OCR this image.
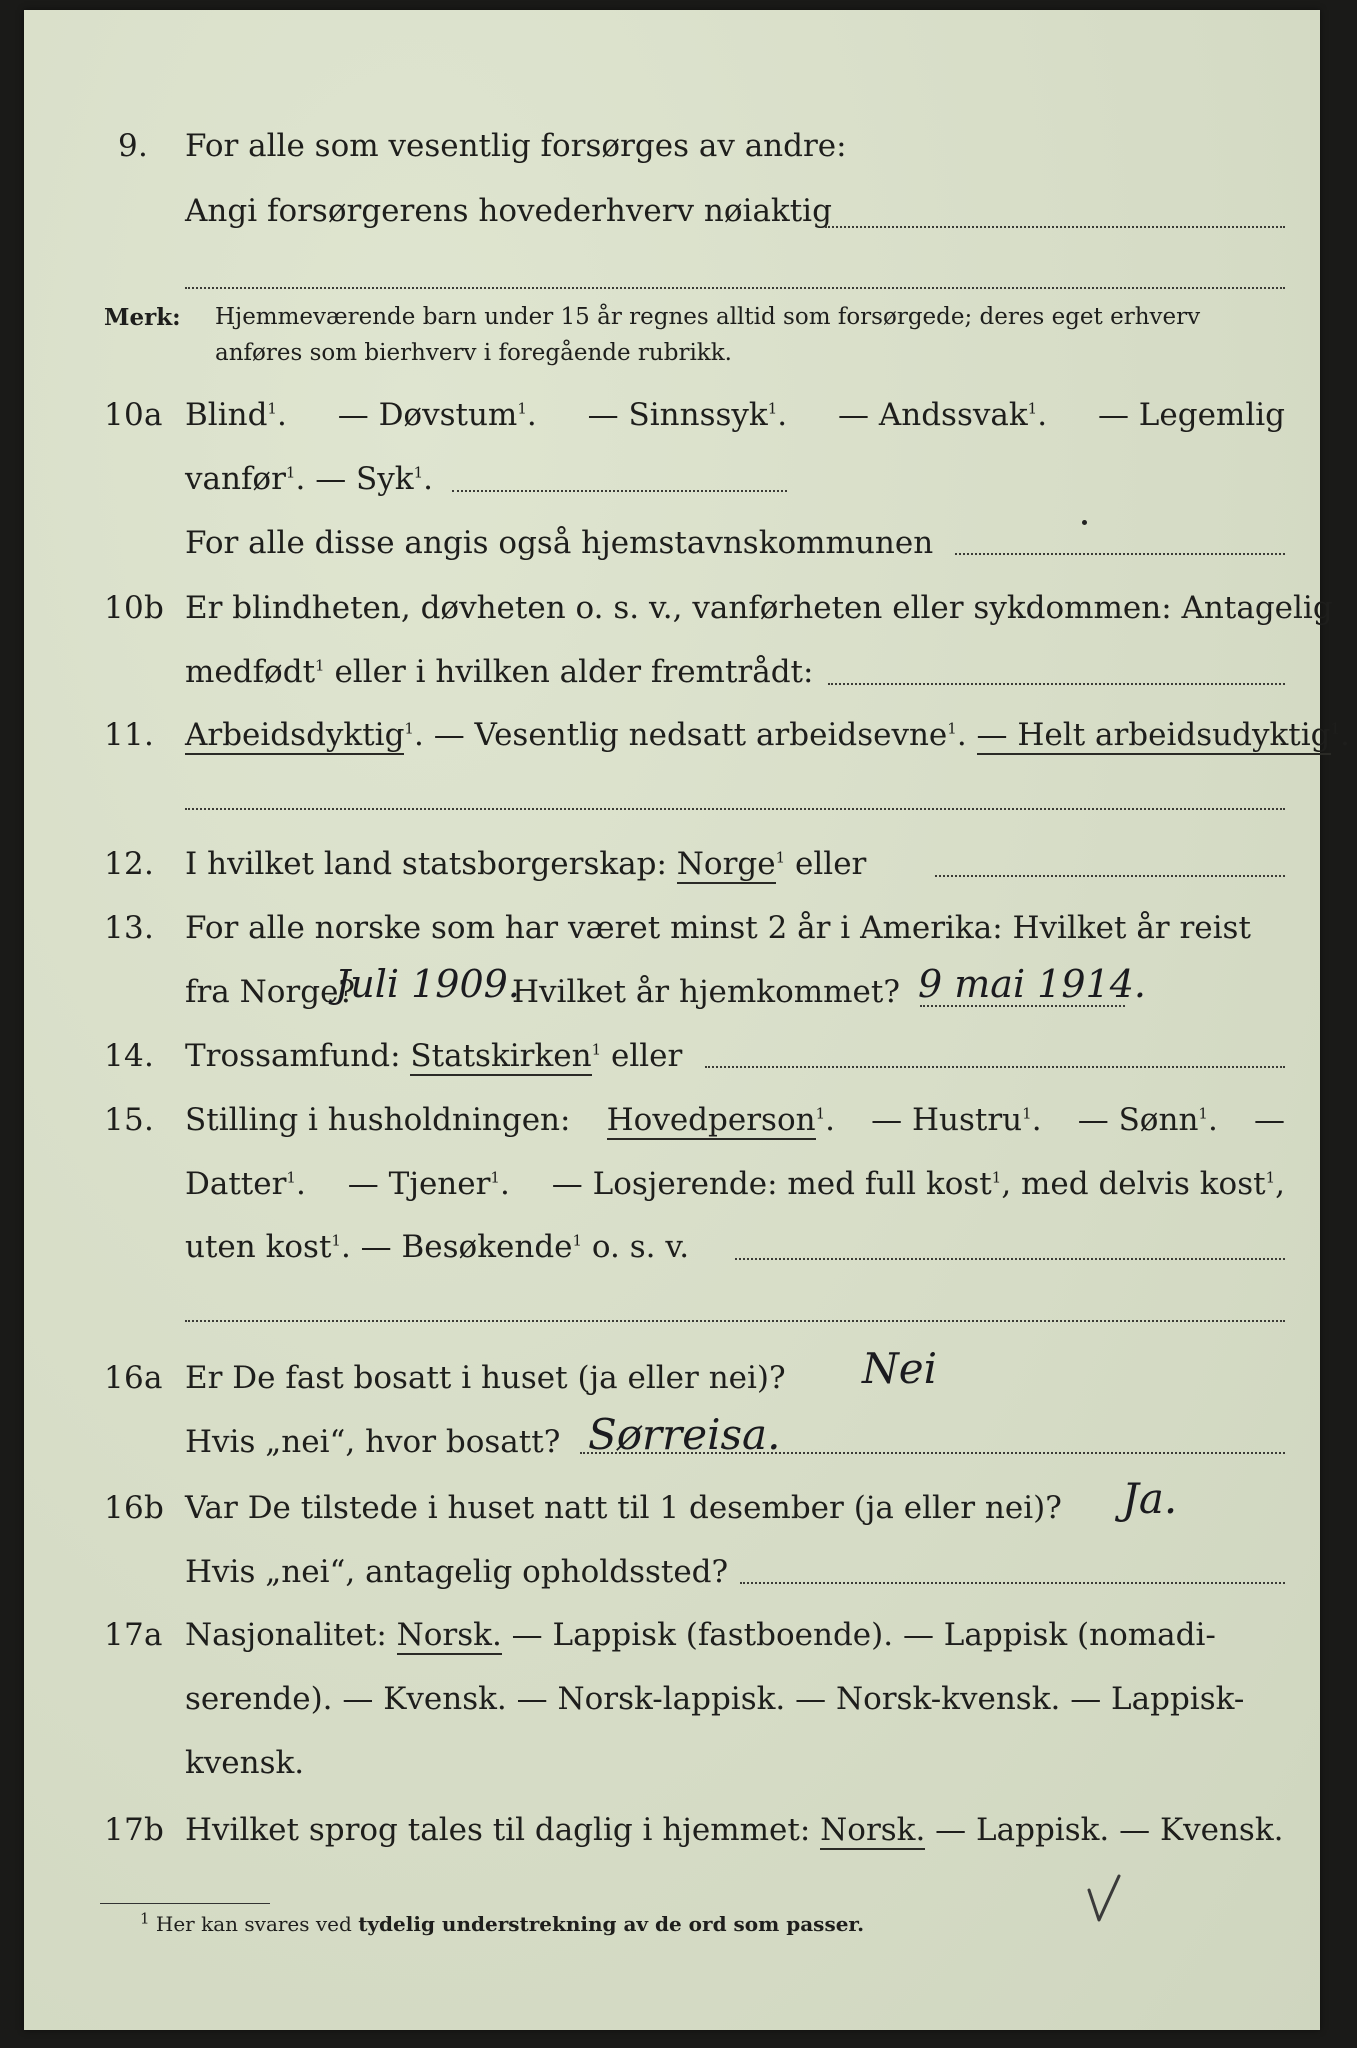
9. For alle som vesentlig forsørges av andre:
Angi forsørgerens hovederhverv nøiaktig
Merk: Hjemmeværende barn under 15 år regnes alltid som forsørgede; deres eget erhverv
anføres som bierhverv i foregående rubrikk.
10a Blind$^1$. — Døvstum$^1$. — Sinnssyk$^1$. — Andssvak$^1$. — Legemlig
vanfør$^1$. — Syk$^1$.
For alle disse angis også hjemstavnskommunen
10b Er blindheten, døvheten o. s. v., vanførheten eller sykdommen: Antagelig
medfødt$^1$ eller i hvilken alder fremtrådt:
11. Arbeidsdyktig$^1$. — Vesentlig nedsatt arbeidsevne$^1$. — Helt arbeidsudyktig$^1$.
12. I hvilket land statsborgerskap: Norge$^1$ eller
13. For alle norske som har været minst 2 år i Amerika: Hvilket år reist
fra Norge?
Juli 1909.
Hvilket år hjemkommet? 9 mai 1914.
14. Trossamfund: Statskirken$^1$ eller
15. Stilling i husholdningen: Hovedperson$^1$. — Hustru$^1$. — Sønn$^1$. —
Datter$^1$. — Tjener$^1$. — Losjerende: med full kost$^1$, med delvis kost$^1$,
uten kost$^1$. — Besøkende$^1$ o. s. v.
16a Er De fast bosatt i huset (ja eller nei)? Nei
Hvis „nei“, hvor bosatt? Sørreisa.
16b Var De tilstede i huset natt til 1 desember (ja eller nei)? Ja.
Hvis „nei“, antagelig opholdssted?
17a Nasjonalitet: Norsk. — Lappisk (fastboende). — Lappisk (nomadi-
serende). — Kvensk. — Norsk-lappisk. — Norsk-kvensk. — Lappisk-
kvensk.
17b Hvilket sprog tales til daglig i hjemmet: Norsk. — Lappisk. — Kvensk.
$^1$ Her kan svares ved tydelig understrekning av de ord som passer.
